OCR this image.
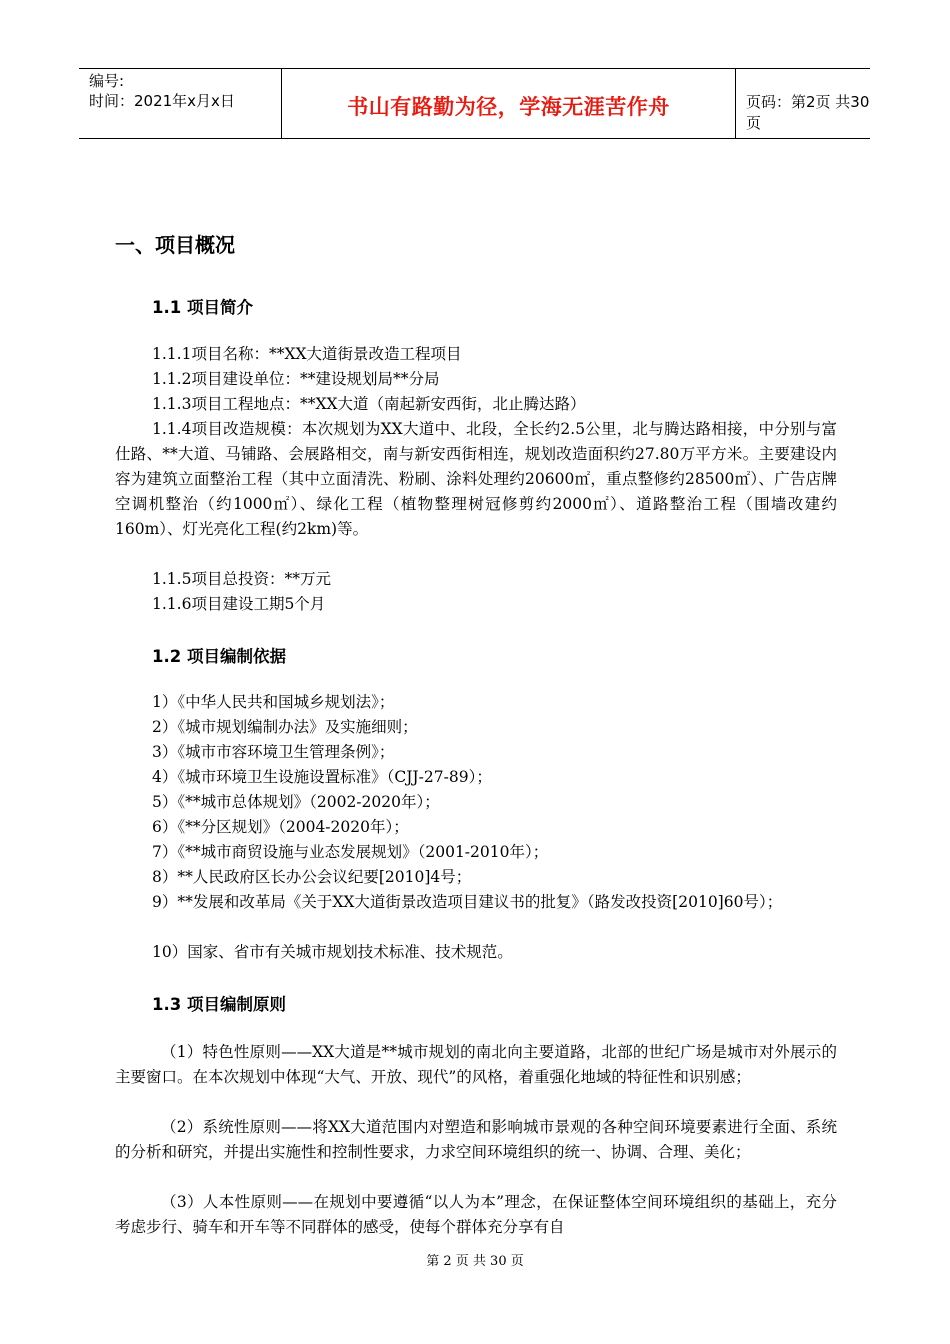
编号:
时间：2021年x月x日	书山有路勤为径，学海无涯苦作舟	页码：第2页 共30页
一、项目概况
1.1 项目简介
1.1.1项目名称：**XX大道街景改造工程项目
1.1.2项目建设单位：**建设规划局**分局
1.1.3项目工程地点：**XX大道（南起新安西街，北止腾达路）
1.1.4项目改造规模：本次规划为XX大道中、北段，全长约2.5公里，北与腾达路相接，中分别与富仕路、**大道、马铺路、会展路相交，南与新安西街相连，规划改造面积约27.80万平方米。主要建设内容为建筑立面整治工程（其中立面清洗、粉刷、涂料处理约20600㎡，重点整修约28500㎡）、广告店牌空调机整治（约1000㎡）、绿化工程（植物整理树冠修剪约2000㎡）、道路整治工程（围墙改建约160m）、灯光亮化工程(约2km)等。
1.1.5项目总投资：**万元
1.1.6项目建设工期5个月
1.2 项目编制依据
1）《中华人民共和国城乡规划法》；
2）《城市规划编制办法》及实施细则；
3）《城市市容环境卫生管理条例》；
4）《城市环境卫生设施设置标准》（CJJ-27-89）；
5）《**城市总体规划》（2002-2020年）；
6）《**分区规划》（2004-2020年）；
7）《**城市商贸设施与业态发展规划》（2001-2010年）；
8）**人民政府区长办公会议纪要[2010]4号；
9）**发展和改革局《关于XX大道街景改造项目建议书的批复》（路发改投资[2010]60号）；
10）国家、省市有关城市规划技术标准、技术规范。
1.3 项目编制原则
（1）特色性原则——XX大道是**城市规划的南北向主要道路，北部的世纪广场是城市对外展示的主要窗口。在本次规划中体现“大气、开放、现代”的风格，着重强化地域的特征性和识别感；
（2）系统性原则——将XX大道范围内对塑造和影响城市景观的各种空间环境要素进行全面、系统的分析和研究，并提出实施性和控制性要求，力求空间环境组织的统一、协调、合理、美化；
（3）人本性原则——在规划中要遵循“以人为本”理念，在保证整体空间环境组织的基础上，充分考虑步行、骑车和开车等不同群体的感受，使每个群体充分享有自
第 2 页 共 30 页
